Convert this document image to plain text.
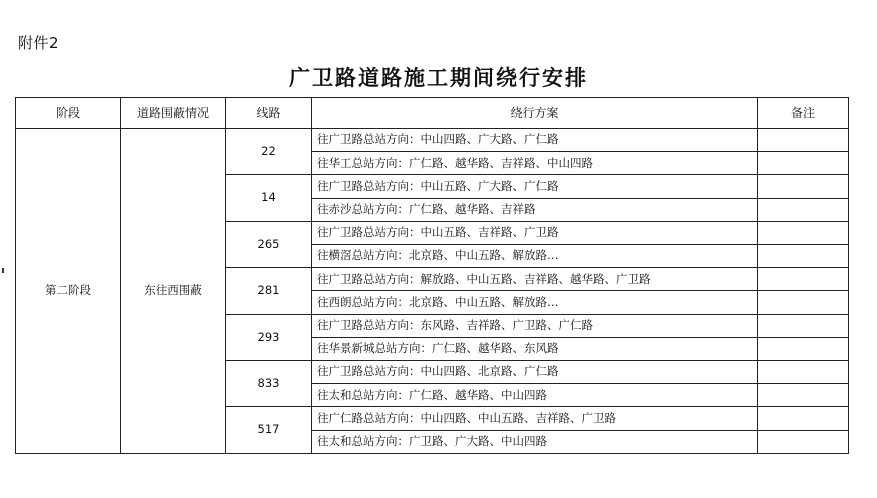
附件2
广卫路道路施工期间绕行安排
阶段	道路围蔽情况	线路	绕行方案	备注
第二阶段	东往西围蔽	22	往广卫路总站方向：中山四路、广大路、广仁路	
			往华工总站方向：广仁路、越华路、吉祥路、中山四路	
		14	往广卫路总站方向：中山五路、广大路、广仁路	
			往赤沙总站方向：广仁路、越华路、吉祥路	
		265	往广卫路总站方向：中山五路、吉祥路、广卫路	
			往横滘总站方向：北京路、中山五路、解放路…	
		281	往广卫路总站方向：解放路、中山五路、吉祥路、越华路、广卫路	
			往西朗总站方向：北京路、中山五路、解放路…	
		293	往广卫路总站方向：东风路、吉祥路、广卫路、广仁路	
			往华景新城总站方向：广仁路、越华路、东风路	
		833	往广卫路总站方向：中山四路、北京路、广仁路	
			往太和总站方向：广仁路、越华路、中山四路	
		517	往广仁路总站方向：中山四路、中山五路、吉祥路、广卫路	
			往太和总站方向：广卫路、广大路、中山四路	
